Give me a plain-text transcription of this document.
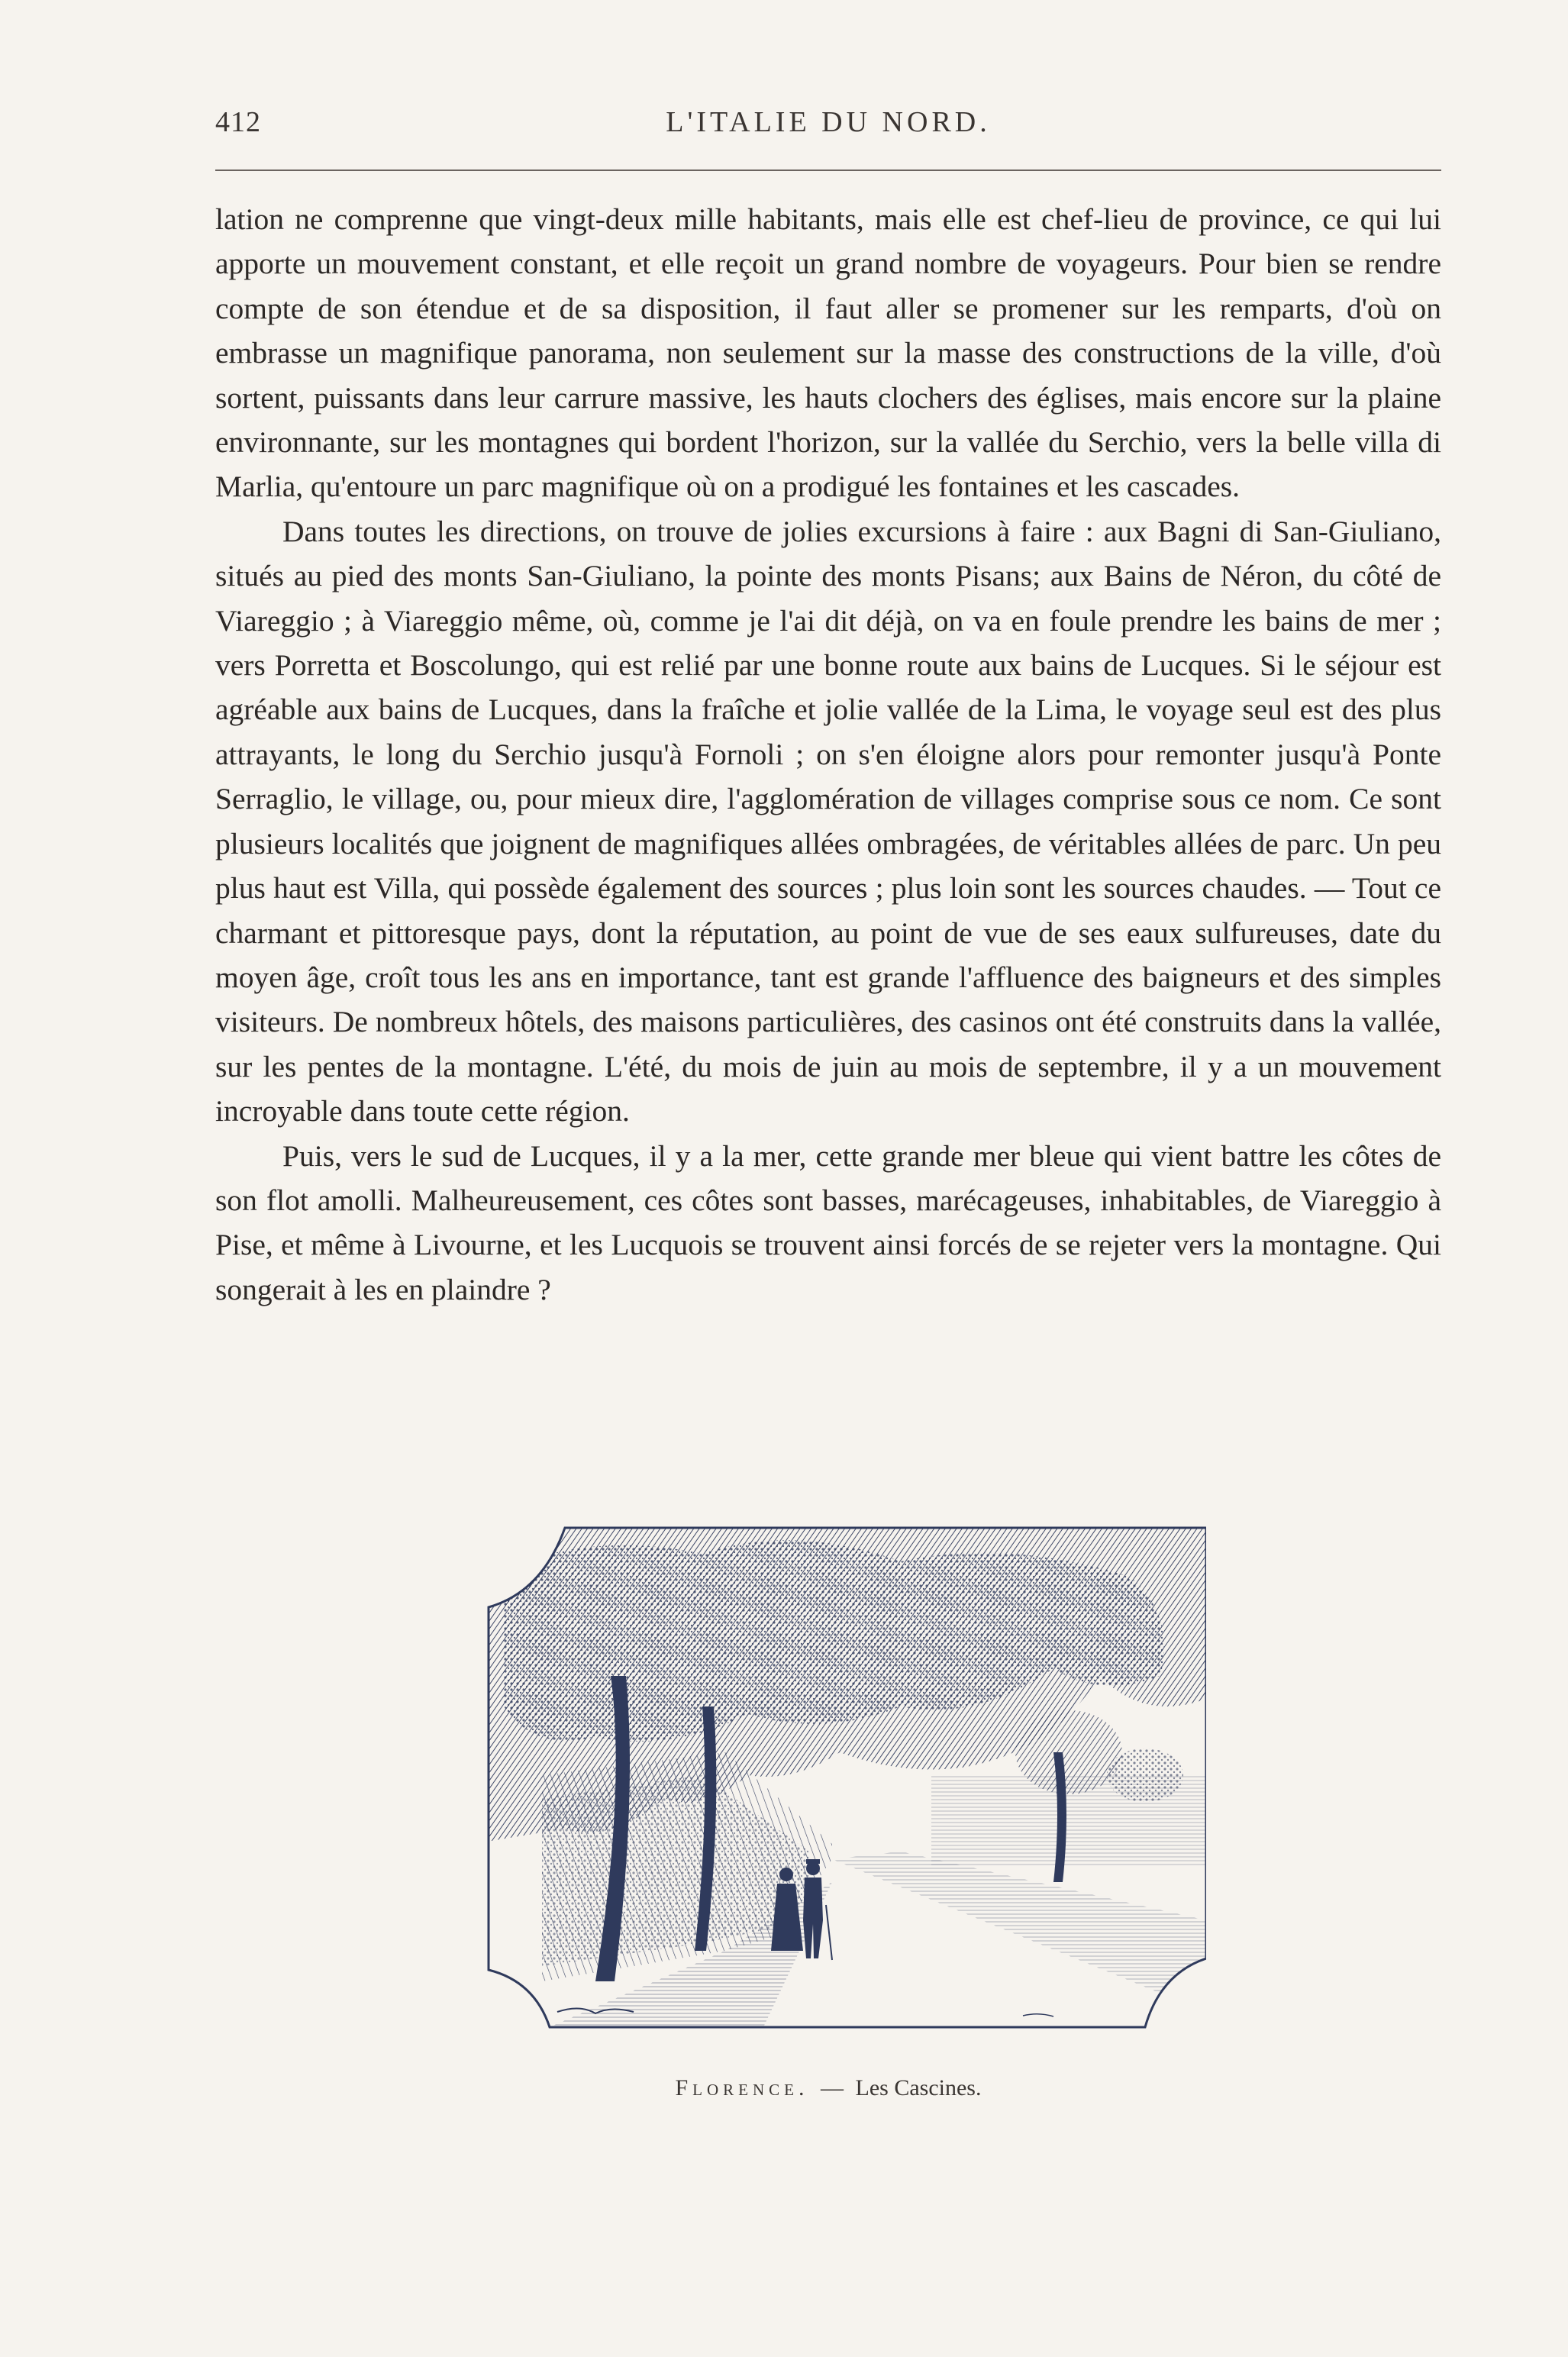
412	L'ITALIE DU NORD.

lation ne comprenne que vingt-deux mille habitants, mais elle est chef-lieu de province, ce qui lui apporte un mouvement constant, et elle reçoit un grand nombre de voyageurs. Pour bien se rendre compte de son étendue et de sa disposition, il faut aller se promener sur les remparts, d'où on embrasse un magnifique panorama, non seulement sur la masse des constructions de la ville, d'où sortent, puissants dans leur carrure massive, les hauts clochers des églises, mais encore sur la plaine environnante, sur les montagnes qui bordent l'horizon, sur la vallée du Serchio, vers la belle villa di Marlia, qu'entoure un parc magnifique où on a prodigué les fontaines et les cascades.

Dans toutes les directions, on trouve de jolies excursions à faire : aux Bagni di San-Giuliano, situés au pied des monts San-Giuliano, la pointe des monts Pisans; aux Bains de Néron, du côté de Viareggio ; à Viareggio même, où, comme je l'ai dit déjà, on va en foule prendre les bains de mer ; vers Porretta et Boscolungo, qui est relié par une bonne route aux bains de Lucques. Si le séjour est agréable aux bains de Lucques, dans la fraîche et jolie vallée de la Lima, le voyage seul est des plus attrayants, le long du Serchio jusqu'à Fornoli ; on s'en éloigne alors pour remonter jusqu'à Ponte Serraglio, le village, ou, pour mieux dire, l'agglomération de villages comprise sous ce nom. Ce sont plusieurs localités que joignent de magnifiques allées ombragées, de véritables allées de parc. Un peu plus haut est Villa, qui possède également des sources ; plus loin sont les sources chaudes. — Tout ce charmant et pittoresque pays, dont la réputation, au point de vue de ses eaux sulfureuses, date du moyen âge, croît tous les ans en importance, tant est grande l'affluence des baigneurs et des simples visiteurs. De nombreux hôtels, des maisons particulières, des casinos ont été construits dans la vallée, sur les pentes de la montagne. L'été, du mois de juin au mois de septembre, il y a un mouvement incroyable dans toute cette région.

Puis, vers le sud de Lucques, il y a la mer, cette grande mer bleue qui vient battre les côtes de son flot amolli. Malheureusement, ces côtes sont basses, marécageuses, inhabitables, de Viareggio à Pise, et même à Livourne, et les Lucquois se trouvent ainsi forcés de se rejeter vers la montagne. Qui songerait à les en plaindre ?

Florence. — Les Cascines.
